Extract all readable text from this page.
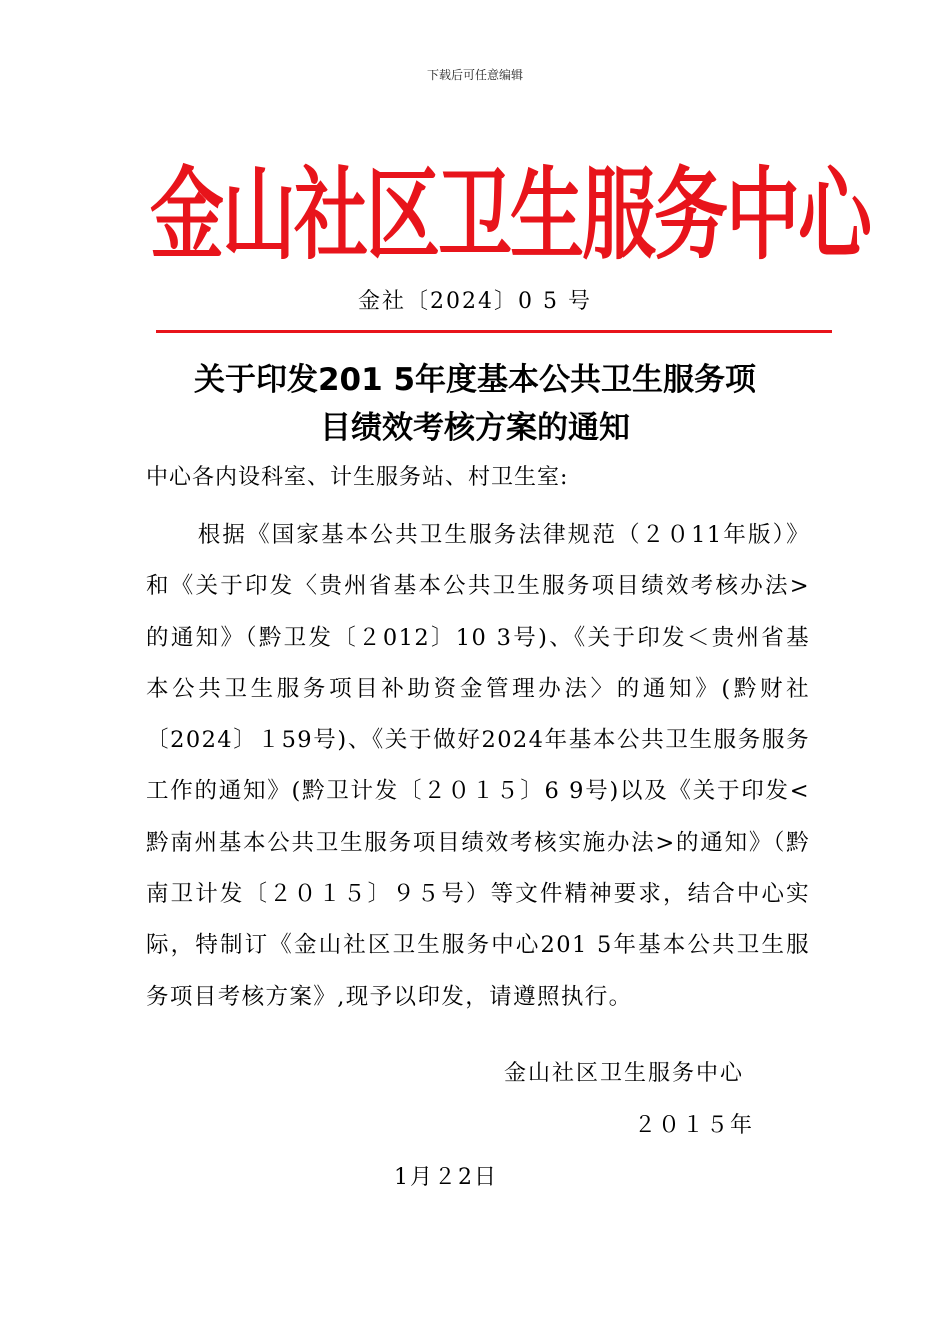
下载后可任意编辑
金山社区卫生服务中心
金社〔2024〕0 5 号
关于印发201 5年度基本公共卫生服务项
目绩效考核方案的通知
中心各内设科室、计生服务站、村卫生室:

根据《国家基本公共卫生服务法律规范（２０11年版）》和《关于印发〈贵州省基本公共卫生服务项目绩效考核办法>的通知》（黔卫发〔２012〕10 3号)、《关于印发＜贵州省基本公共卫生服务项目补助资金管理办法〉的通知》(黔财社〔2024〕１59号)、《关于做好2024年基本公共卫生服务服务工作的通知》(黔卫计发〔２０１５〕6 9号)以及《关于印发<黔南州基本公共卫生服务项目绩效考核实施办法>的通知》（黔南卫计发〔２０１５〕９５号）等文件精神要求，结合中心实际，特制订《金山社区卫生服务中心201 5年基本公共卫生服务项目考核方案》,现予以印发，请遵照执行。

金山社区卫生服务中心
２０１５年
1月２2日
